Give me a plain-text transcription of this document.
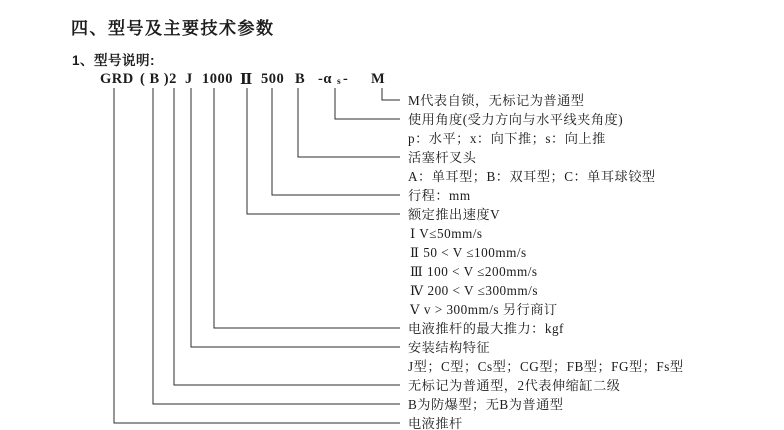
四、型号及主要技术参数
1、型号说明:
GRD ( B )2 J 1000 Ⅱ 500 B -α s - M
M代表自锁，无标记为普通型
使用角度(受力方向与水平线夹角度)
p：水平；x：向下推；s：向上推
活塞杆叉头
A：单耳型；B：双耳型；C：单耳球铰型
行程：mm
额定推出速度V
Ⅰ V≤50mm/s
Ⅱ 50 < V ≤100mm/s
Ⅲ 100 < V ≤200mm/s
Ⅳ 200 < V ≤300mm/s
Ⅴ v > 300mm/s 另行商订
电液推杆的最大推力：kgf
安装结构特征
J型；C型；Cs型；CG型；FB型；FG型；Fs型
无标记为普通型，2代表伸缩缸二级
B为防爆型；无B为普通型
电液推杆
